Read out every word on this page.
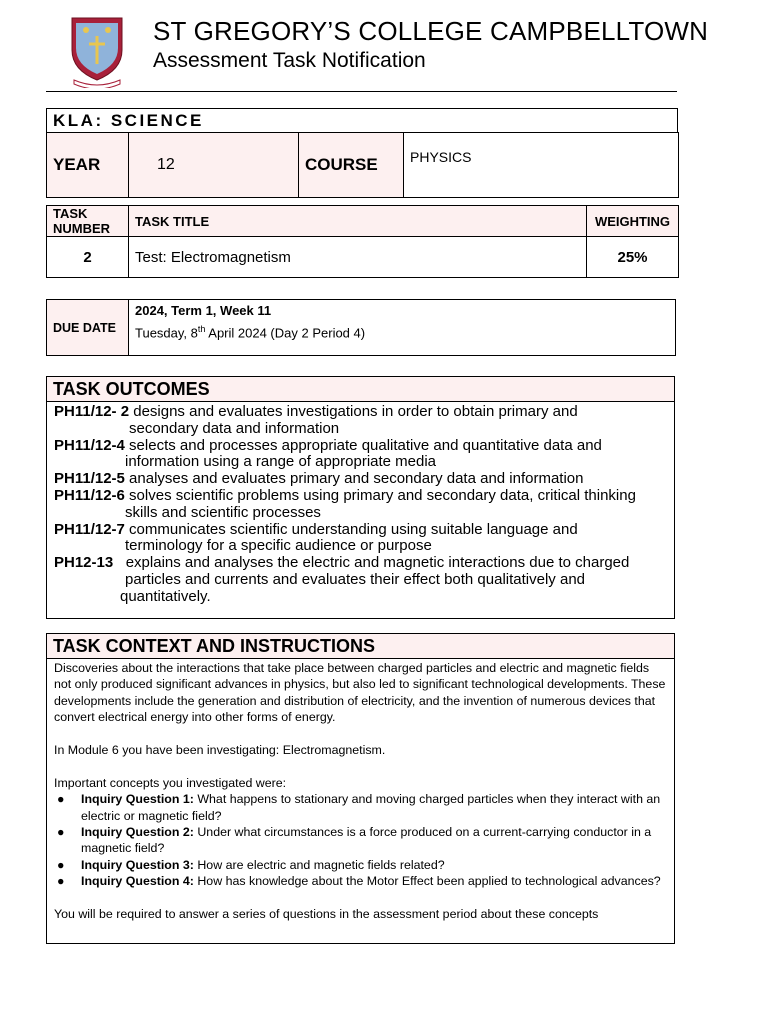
ST GREGORY’S COLLEGE CAMPBELLTOWN
Assessment Task Notification
KLA: SCIENCE
YEAR	12	COURSE	PHYSICS
TASK NUMBER	TASK TITLE	WEIGHTING
2	Test: Electromagnetism	25%
DUE DATE	
2024, Term 1, Week 11
Tuesday, 8th April 2024 (Day 2 Period 4)
TASK OUTCOMES
PH11/12- 2 designs and evaluates investigations in order to obtain primary and
secondary data and information
PH11/12-4 selects and processes appropriate qualitative and quantitative data and
information using a range of appropriate media
PH11/12-5 analyses and evaluates primary and secondary data and information
PH11/12-6 solves scientific problems using primary and secondary data, critical thinking
skills and scientific processes
PH11/12-7 communicates scientific understanding using suitable language and
terminology for a specific audience or purpose
PH12-13   explains and analyses the electric and magnetic interactions due to charged
particles and currents and evaluates their effect both qualitatively and
quantitatively.
TASK CONTEXT AND INSTRUCTIONS

Discoveries about the interactions that take place between charged particles and electric and magnetic fields not only produced significant advances in physics, but also led to significant technological developments. These developments include the generation and distribution of electricity, and the invention of numerous devices that convert electrical energy into other forms of energy.

In Module 6 you have been investigating: Electromagnetism.

Important concepts you investigated were:

● Inquiry Question 1: What happens to stationary and moving charged particles when they interact with an electric or magnetic field?
● Inquiry Question 2: Under what circumstances is a force produced on a current-carrying conductor in a magnetic field?
● Inquiry Question 3: How are electric and magnetic fields related?
● Inquiry Question 4: How has knowledge about the Motor Effect been applied to technological advances?

You will be required to answer a series of questions in the assessment period about these concepts
